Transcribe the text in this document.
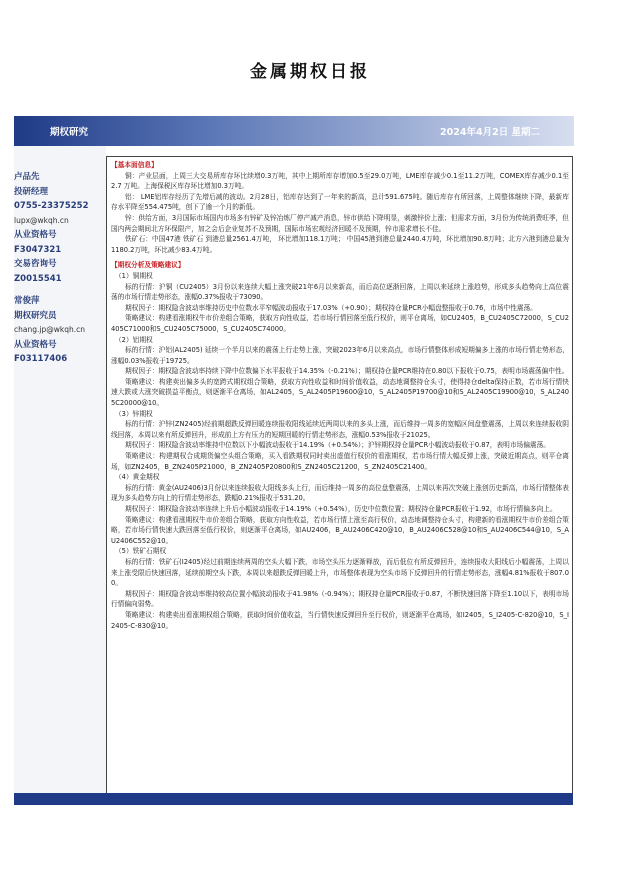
金属期权日报
期权研究	2024年4月2日 星期二
卢品先
投研经理
0755-23375252
lupx@wkqh.cn
从业资格号
F3047321
交易咨询号
Z0015541
常俊萍
期权研究员
chang.jp@wkqh.cn
从业资格号
F03117406

【基本面信息】

铜：产业层面，上周三大交易所库存环比续增0.3万吨，其中上期所库存增加0.5至29.0万吨，LME库存减少0.1至11.2万吨，COMEX库存减少0.1至2.7 万吨。上海保税区库存环比增加0.3万吨。

铝： LME铝库存经历了先增后减的波动。2月28日，铝库存达到了一年来的新高，总计591.675吨。随后库存有所回落，上周整体继续下降，最新库存水平降至554.475吨，创下了逾一个月的新低。

锌：供给方面，3月国际市场国内市场多有锌矿及锌冶炼厂停产减产消息，锌市供给下降明显，刺激锌价上涨；但需求方面，3月份为传统消费旺季，但国内两会期间北方环保限产，加之会后企业复苏不及预期，国际市场宏观经济回暖不及预期，锌市需求增长不佳。

铁矿石：中国47港 铁矿石 到港总量2561.4万吨， 环比增加118.1万吨； 中国45港到港总量2440.4万吨，环比增加90.8万吨；北方六港到港总量为1180.2万吨，环比减少83.4万吨。

【期权分析及策略建议】

（1）铜期权

标的行情：沪铜（CU2405）3月份以来连续大幅上涨突破21年6月以来新高，而后高位逐渐回落，上周以来延续上涨趋势，形成多头趋势向上高位震荡的市场行情走势形态，涨幅0.37%报收于73090。

期权因子：期权隐含波动率维持历史中位数水平窄幅波动报收于17.03%（+0.90）；期权持仓量PCR小幅盘整报收于0.76，市场中性震荡。

策略建议：构建看涨期权牛市价差组合策略，获取方向性收益，若市场行情回落至低行权价，则平仓离场，如CU2405，B_CU2405C72000，S_CU2405C71000和S_CU2405C75000，S_CU2405C74000。

（2）铝期权

标的行情：沪铝(AL2405) 延续一个半月以来的震荡上行走势上涨，突破2023年6月以来高点，市场行情整体形成短期偏多上涨的市场行情走势形态，涨幅0.03%报收于19725。

期权因子：期权隐含波动率持续下降中位数偏下水平报收于14.35%（-0.21%）；期权持仓量PCR维持在0.80以下报收于0.75，表明市场震荡偏中性。

策略建议：构建卖出偏多头的宽跨式期权组合策略，获取方向性收益和时间价值收益，动态地调整持仓头寸，使得持仓delta保持正数，若市场行情快速大跌或大涨突破损益平衡点，则逐渐平仓离场，如AL2405，S_AL2405P19600@10，S_AL2405P19700@10和S_AL2405C19900@10，S_AL2405C20000@10。

（3）锌期权

标的行情：沪锌(ZN2405)经前期超跌反弹回暖连续报收阳线延续近两周以来的多头上涨，而后维持一周多的宽幅区间盘整震荡，上周以来连续报收阴线回落，本周以来有所反弹回升，形成前上方有压力的短期回暖的行情走势形态，涨幅0.53%报收于21025。

期权因子：期权隐含波动率维持中位数以下小幅波动报收于14.19%（+0.54%）；沪锌期权持仓量PCR小幅波动报收于0.87，表明市场偏震荡。

策略建议：构建期权合成期货偏空头组合策略，买入看跌期权同时卖出虚值行权价的看涨期权，若市场行情大幅反弹上涨，突破近期高点，则平仓离场，如ZN2405，B_ZN2405P21000，B_ZN2405P20800和S_ZN2405C21200，S_ZN2405C21400。

（4）黄金期权

标的行情：黄金(AU2406)3月份以来连续报收大阳线多头上行，而后维持一周多的高位盘整震荡，上周以来再次突破上涨创历史新高，市场行情整体表现为多头趋势方向上的行情走势形态，跌幅0.21%报收于531.20。

期权因子：期权隐含波动率连续上升后小幅波动报收于14.19%（+0.54%），历史中位数位置；期权持仓量PCR报收于1.92，市场行情偏多向上。

策略建议：构建看涨期权牛市价差组合策略，获取方向性收益，若市场行情上涨至高行权价，动态地调整持仓头寸，构建新的看涨期权牛市价差组合策略，若市场行情快速大跌回落至低行权价，则逐渐平仓离场，如AU2406，B_AU2406C420@10，B_AU2406C528@10和S_AU2406C544@10，S_AU2406C552@10。

（5）铁矿石期权

标的行情：铁矿石(I2405)经过前期连续两周的空头大幅下跌，市场空头压力逐渐释放，而后低位有所反弹回升，连续报收大阳线后小幅震荡，上周以来上涨受限后快速回落，延续前期空头下跌，本周以来超跌反弹回暖上升，市场整体表现为空头市场下反弹回升的行情走势形态，涨幅4.81%报收于807.00。

期权因子：期权隐含波动率维持较高位置小幅波动报收于41.98%（-0.94%）；期权持仓量PCR报收于0.87，不断快速回落下降至1.10以下，表明市场行情偏向弱势。

策略建议：构建卖出看涨期权组合策略，获取时间价值收益，当行情快速反弹回升至行权价，则逐渐平仓离场，如I2405，S_I2405-C-820@10，S_I2405-C-830@10。
